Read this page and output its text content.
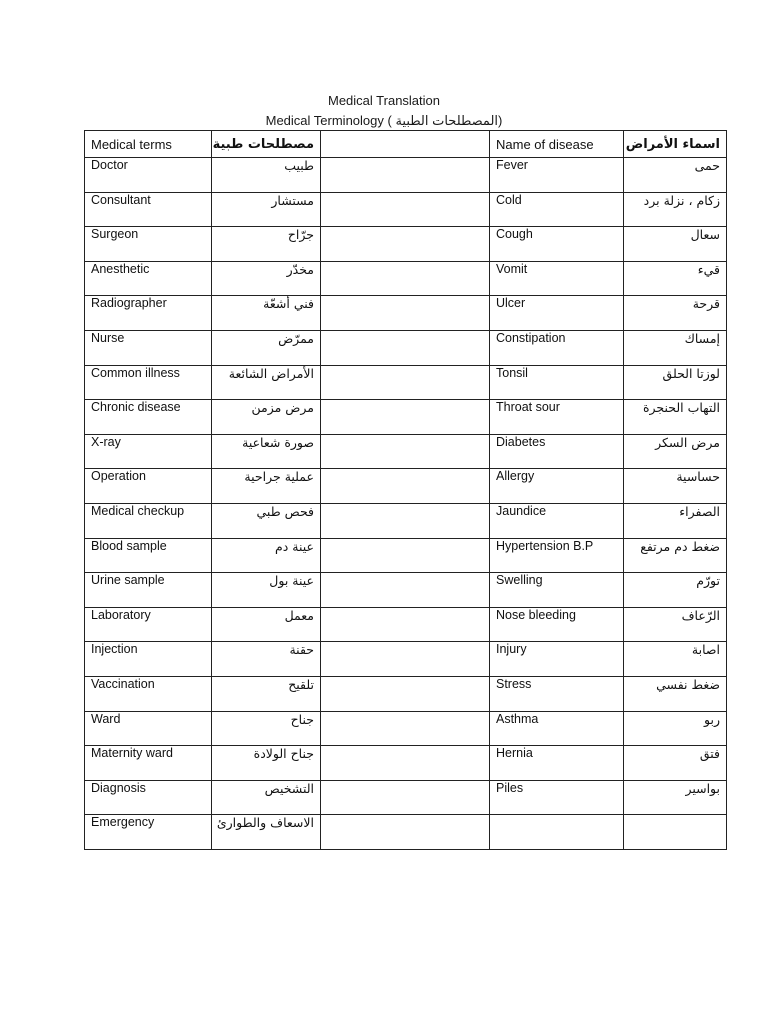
Medical Translation
Medical Terminology ( المصطلحات الطبية)
Medical terms	مصطلحات طبية		Name of disease	اسماء الأمراض
Doctor	طبيب		Fever	حمى
Consultant	مستشار		Cold	زكام ، نزلة برد
Surgeon	جرّاح		Cough	سعال
Anesthetic	مخدّر		Vomit	قيء
Radiographer	فني أشعّة		Ulcer	قرحة
Nurse	ممرّض		Constipation	إمساك
Common illness	الأمراض الشائعة		Tonsil	لوزتا الحلق
Chronic disease	مرض مزمن		Throat sour	التهاب الحنجرة
X-ray	صورة شعاعية		Diabetes	مرض السكر
Operation	عملية جراحية		Allergy	حساسية
Medical checkup	فحص طبي		Jaundice	الصفراء
Blood sample	عينة دم		Hypertension B.P	ضغط دم مرتفع
Urine sample	عينة بول		Swelling	تورّم
Laboratory	معمل		Nose bleeding	الرّعاف
Injection	حقنة		Injury	اصابة
Vaccination	تلقيح		Stress	ضغط نفسي
Ward	جناح		Asthma	ربو
Maternity ward	جناح الولادة		Hernia	فتق
Diagnosis	التشخيص		Piles	بواسير
Emergency	الاسعاف والطوارئ			
